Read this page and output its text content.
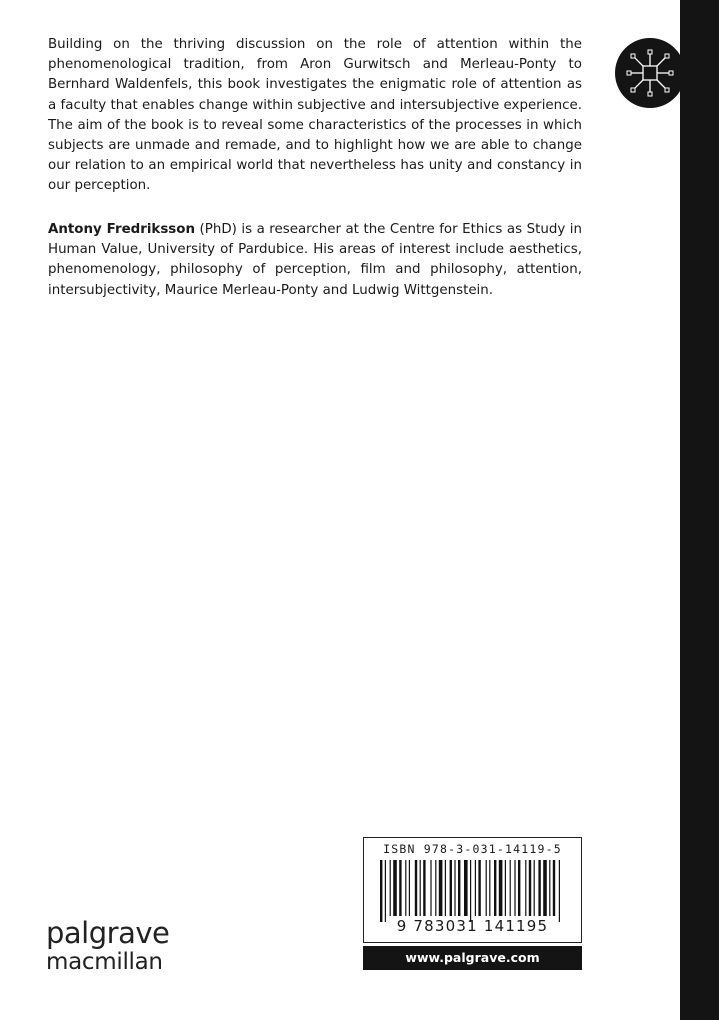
Building on the thriving discussion on the role of attention within the phenomenological tradition, from Aron Gurwitsch and Merleau-Ponty to Bernhard Waldenfels, this book investigates the enigmatic role of attention as a faculty that enables change within subjective and intersubjective experience. The aim of the book is to reveal some characteristics of the processes in which subjects are unmade and remade, and to highlight how we are able to change our relation to an empirical world that nevertheless has unity and constancy in our perception.

Antony Fredriksson (PhD) is a researcher at the Centre for Ethics as Study in Human Value, University of Pardubice. His areas of interest include aesthetics, phenomenology, philosophy of perception, film and philosophy, attention, intersubjectivity, Maurice Merleau-Ponty and Ludwig Wittgenstein.

ISBN 978-3-031-14119-5
9 783031 141195
www.palgrave.com
palgrave
macmillan
